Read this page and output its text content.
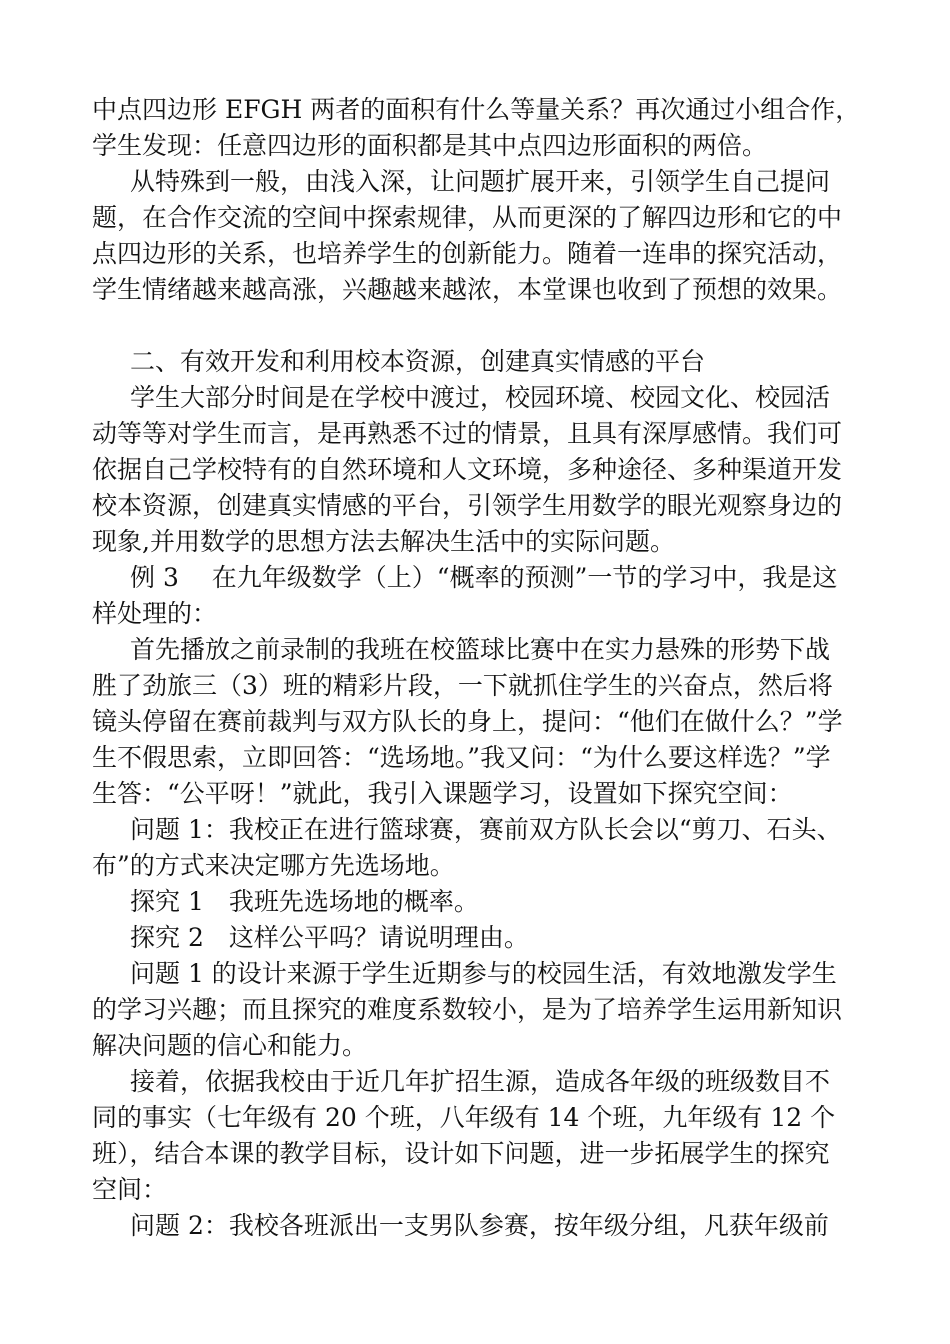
中点四边形 EFGH 两者的面积有什么等量关系？再次通过小组合作，
学生发现：任意四边形的面积都是其中点四边形面积的两倍。

从特殊到一般，由浅入深，让问题扩展开来，引领学生自己提问
题，在合作交流的空间中探索规律，从而更深的了解四边形和它的中
点四边形的关系，也培养学生的创新能力。随着一连串的探究活动，
学生情绪越来越高涨，兴趣越来越浓，本堂课也收到了预想的效果。

二、有效开发和利用校本资源，创建真实情感的平台

学生大部分时间是在学校中渡过，校园环境、校园文化、校园活
动等等对学生而言，是再熟悉不过的情景，且具有深厚感情。我们可
依据自己学校特有的自然环境和人文环境，多种途径、多种渠道开发
校本资源，创建真实情感的平台，引领学生用数学的眼光观察身边的
现象,并用数学的思想方法去解决生活中的实际问题。

例 3　 在九年级数学（上）“概率的预测”一节的学习中，我是这
样处理的：

首先播放之前录制的我班在校篮球比赛中在实力悬殊的形势下战
胜了劲旅三（3）班的精彩片段，一下就抓住学生的兴奋点，然后将
镜头停留在赛前裁判与双方队长的身上，提问：“他们在做什么？”学
生不假思索，立即回答：“选场地。”我又问：“为什么要这样选？”学
生答：“公平呀！”就此，我引入课题学习，设置如下探究空间：

问题 1：我校正在进行篮球赛，赛前双方队长会以“剪刀、石头、
布”的方式来决定哪方先选场地。

探究 1　我班先选场地的概率。

探究 2　这样公平吗？请说明理由。

问题 1 的设计来源于学生近期参与的校园生活，有效地激发学生
的学习兴趣；而且探究的难度系数较小，是为了培养学生运用新知识
解决问题的信心和能力。

接着，依据我校由于近几年扩招生源，造成各年级的班级数目不
同的事实（七年级有 20 个班，八年级有 14 个班，九年级有 12 个
班），结合本课的教学目标，设计如下问题，进一步拓展学生的探究
空间：

问题 2：我校各班派出一支男队参赛，按年级分组，凡获年级前
